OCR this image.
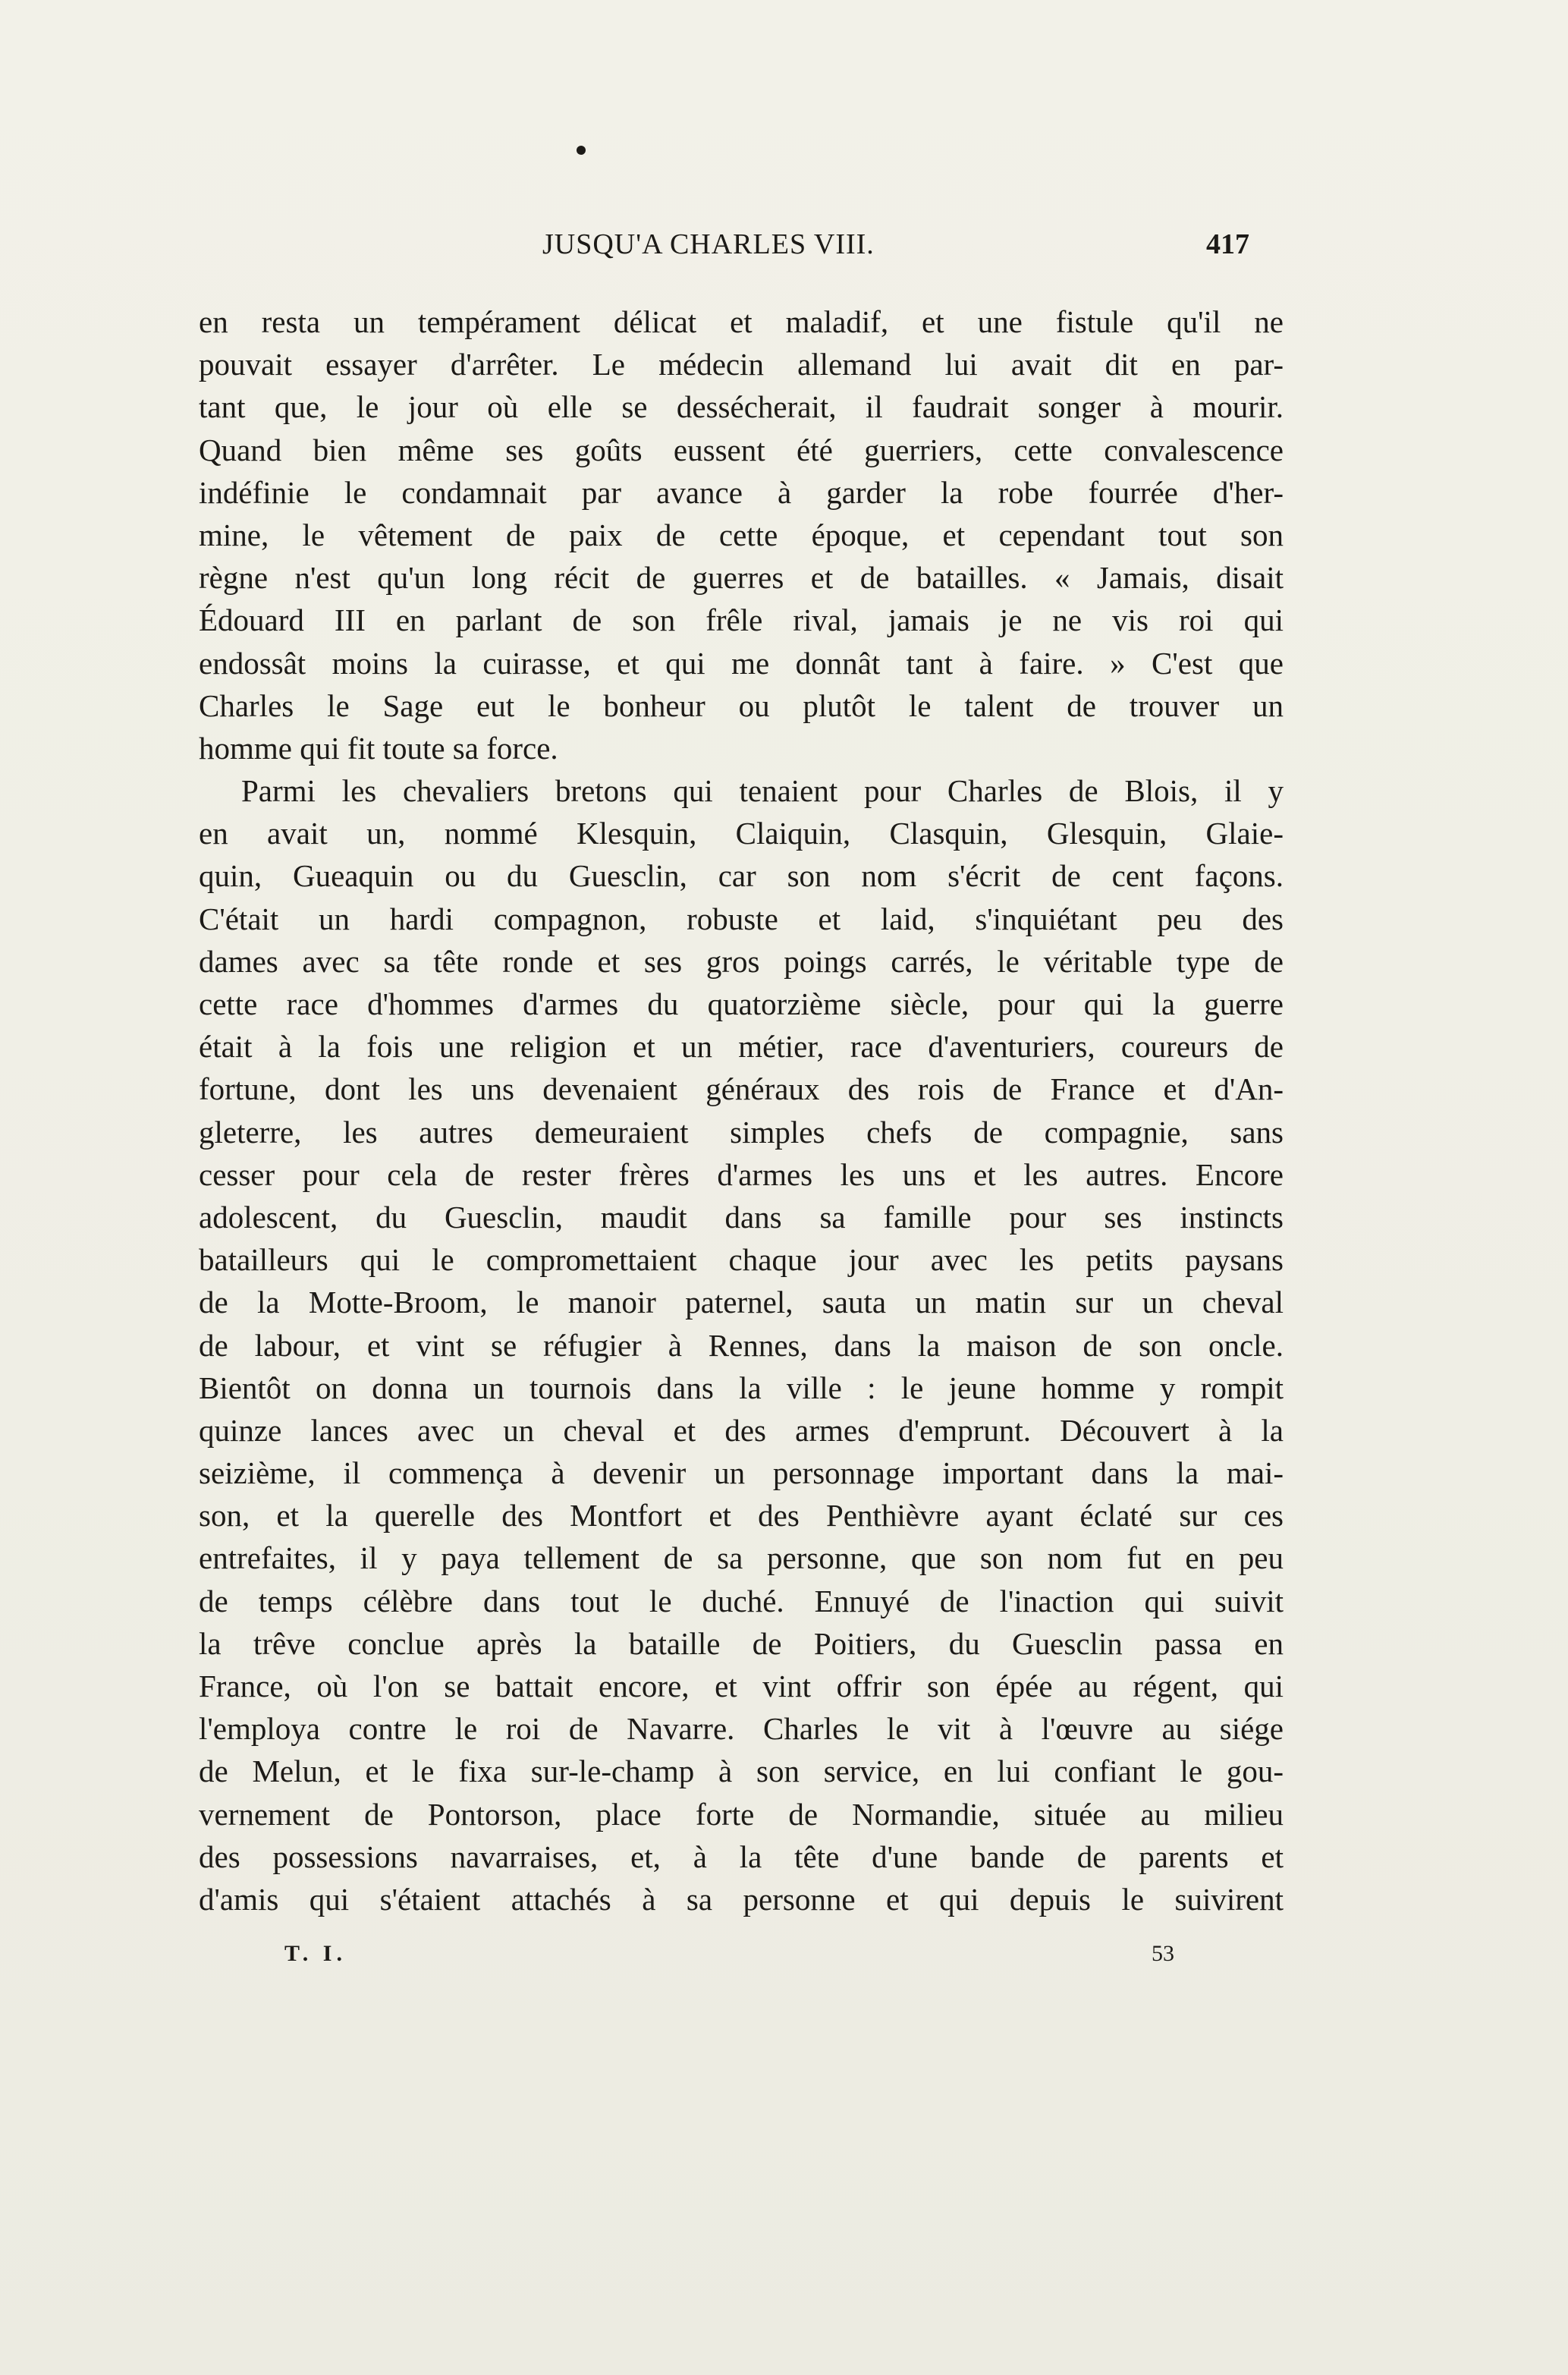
JUSQU'A CHARLES VIII.	417
en resta un tempérament délicat et maladif, et une fistule qu'il ne
pouvait essayer d'arrêter. Le médecin allemand lui avait dit en par-
tant que, le jour où elle se dessécherait, il faudrait songer à mourir.
Quand bien même ses goûts eussent été guerriers, cette convalescence
indéfinie le condamnait par avance à garder la robe fourrée d'her-
mine, le vêtement de paix de cette époque, et cependant tout son
règne n'est qu'un long récit de guerres et de batailles. « Jamais, disait
Édouard III en parlant de son frêle rival, jamais je ne vis roi qui
endossât moins la cuirasse, et qui me donnât tant à faire. » C'est que
Charles le Sage eut le bonheur ou plutôt le talent de trouver un
homme qui fit toute sa force.
Parmi les chevaliers bretons qui tenaient pour Charles de Blois, il y
en avait un, nommé Klesquin, Claiquin, Clasquin, Glesquin, Glaie-
quin, Gueaquin ou du Guesclin, car son nom s'écrit de cent façons.
C'était un hardi compagnon, robuste et laid, s'inquiétant peu des
dames avec sa tête ronde et ses gros poings carrés, le véritable type de
cette race d'hommes d'armes du quatorzième siècle, pour qui la guerre
était à la fois une religion et un métier, race d'aventuriers, coureurs de
fortune, dont les uns devenaient généraux des rois de France et d'An-
gleterre, les autres demeuraient simples chefs de compagnie, sans
cesser pour cela de rester frères d'armes les uns et les autres. Encore
adolescent, du Guesclin, maudit dans sa famille pour ses instincts
batailleurs qui le compromettaient chaque jour avec les petits paysans
de la Motte-Broom, le manoir paternel, sauta un matin sur un cheval
de labour, et vint se réfugier à Rennes, dans la maison de son oncle.
Bientôt on donna un tournois dans la ville : le jeune homme y rompit
quinze lances avec un cheval et des armes d'emprunt. Découvert à la
seizième, il commença à devenir un personnage important dans la mai-
son, et la querelle des Montfort et des Penthièvre ayant éclaté sur ces
entrefaites, il y paya tellement de sa personne, que son nom fut en peu
de temps célèbre dans tout le duché. Ennuyé de l'inaction qui suivit
la trêve conclue après la bataille de Poitiers, du Guesclin passa en
France, où l'on se battait encore, et vint offrir son épée au régent, qui
l'employa contre le roi de Navarre. Charles le vit à l'œuvre au siége
de Melun, et le fixa sur-le-champ à son service, en lui confiant le gou-
vernement de Pontorson, place forte de Normandie, située au milieu
des possessions navarraises, et, à la tête d'une bande de parents et
d'amis qui s'étaient attachés à sa personne et qui depuis le suivirent
T. I.	53
